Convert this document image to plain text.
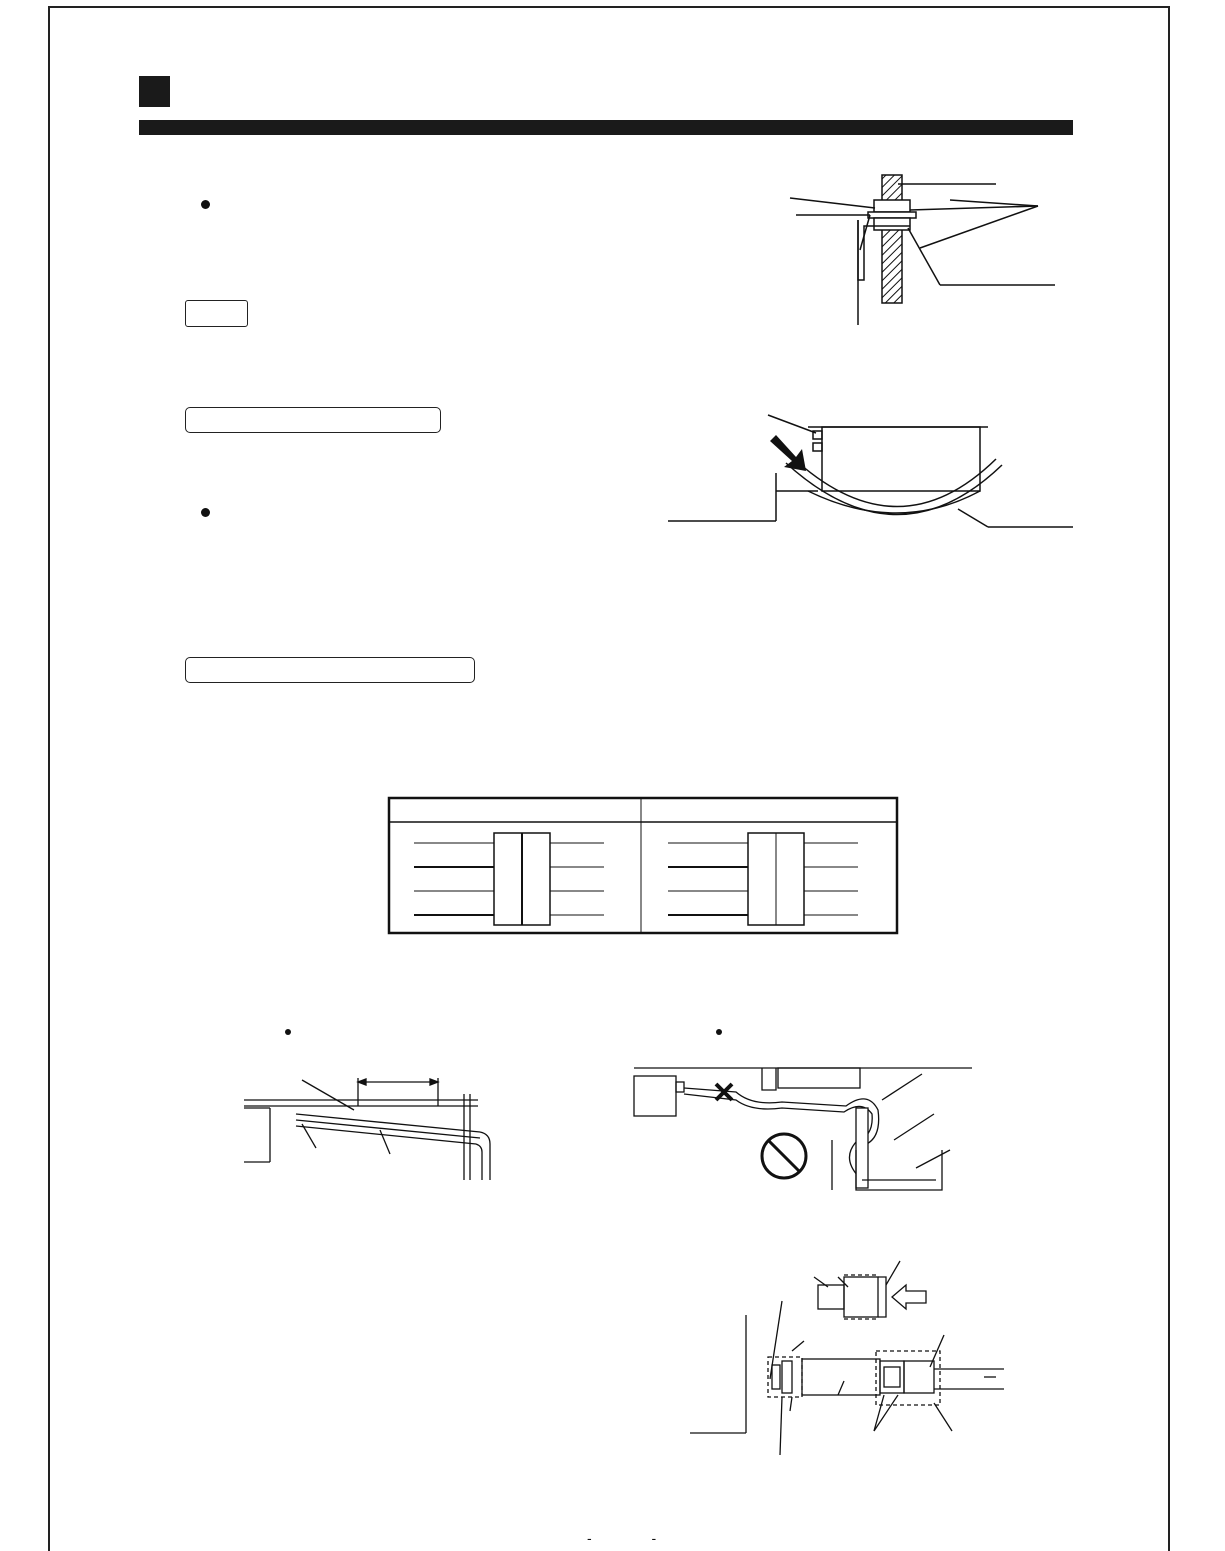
- -
